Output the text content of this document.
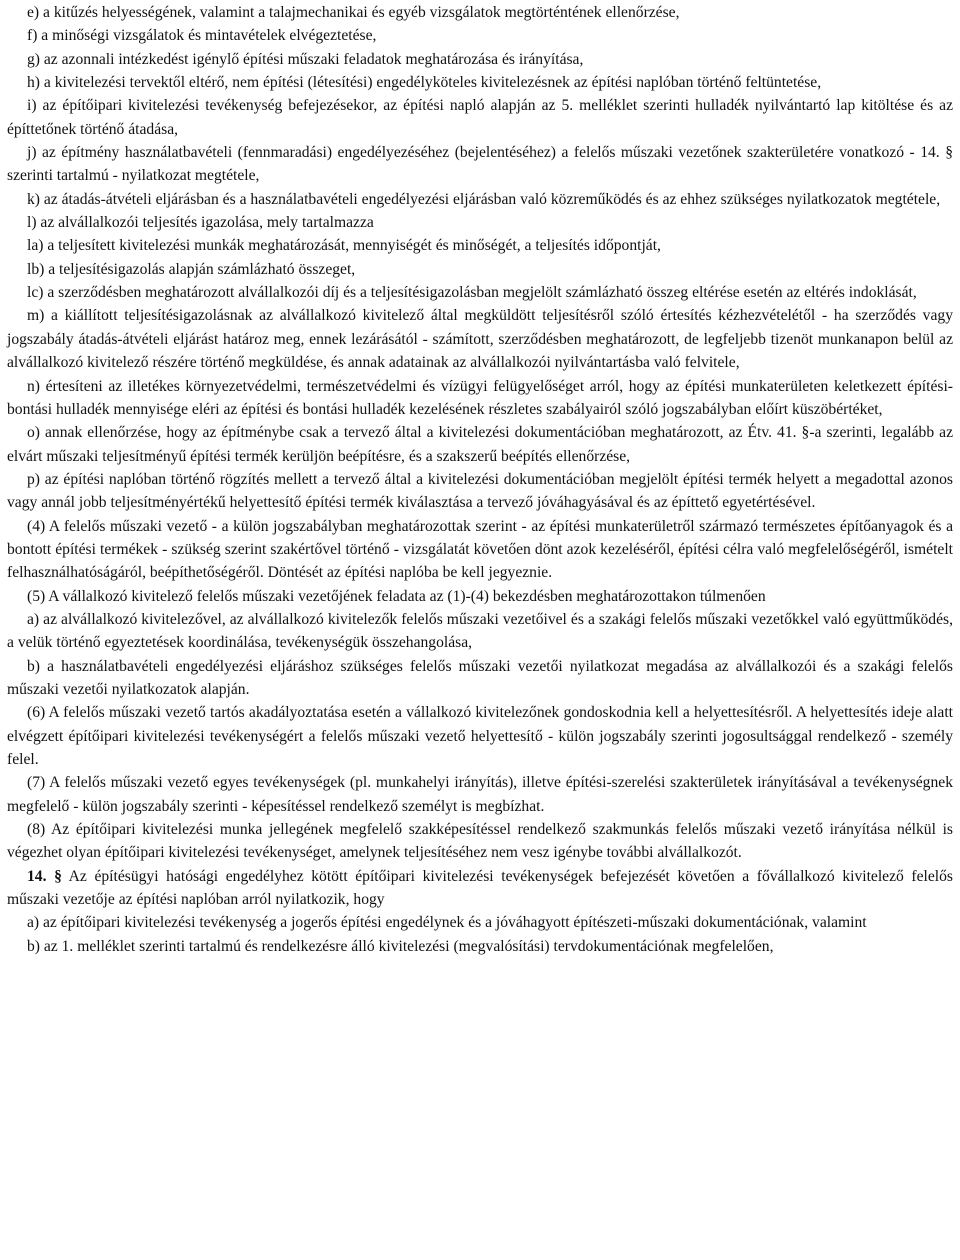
e) a kitűzés helyességének, valamint a talajmechanikai és egyéb vizsgálatok megtörténtének ellenőrzése,

f) a minőségi vizsgálatok és mintavételek elvégeztetése,

g) az azonnali intézkedést igénylő építési műszaki feladatok meghatározása és irányítása,

h) a kivitelezési tervektől eltérő, nem építési (létesítési) engedélyköteles kivitelezésnek az építési naplóban történő feltüntetése,

i) az építőipari kivitelezési tevékenység befejezésekor, az építési napló alapján az 5. melléklet szerinti hulladék nyilvántartó lap kitöltése és az építtetőnek történő átadása,

j) az építmény használatbavételi (fennmaradási) engedélyezéséhez (bejelentéséhez) a felelős műszaki vezetőnek szakterületére vonatkozó - 14. § szerinti tartalmú - nyilatkozat megtétele,

k) az átadás-átvételi eljárásban és a használatbavételi engedélyezési eljárásban való közreműködés és az ehhez szükséges nyilatkozatok megtétele,

l) az alvállalkozói teljesítés igazolása, mely tartalmazza

la) a teljesített kivitelezési munkák meghatározását, mennyiségét és minőségét, a teljesítés időpontját,

lb) a teljesítésigazolás alapján számlázható összeget,

lc) a szerződésben meghatározott alvállalkozói díj és a teljesítésigazolásban megjelölt számlázható összeg eltérése esetén az eltérés indoklását,

m) a kiállított teljesítésigazolásnak az alvállalkozó kivitelező által megküldött teljesítésről szóló értesítés kézhezvételétől - ha szerződés vagy jogszabály átadás-átvételi eljárást határoz meg, ennek lezárásától - számított, szerződésben meghatározott, de legfeljebb tizenöt munkanapon belül az alvállalkozó kivitelező részére történő megküldése, és annak adatainak az alvállalkozói nyilvántartásba való felvitele,

n) értesíteni az illetékes környezetvédelmi, természetvédelmi és vízügyi felügyelőséget arról, hogy az építési munkaterületen keletkezett építési-bontási hulladék mennyisége eléri az építési és bontási hulladék kezelésének részletes szabályairól szóló jogszabályban előírt küszöbértéket,

o) annak ellenőrzése, hogy az építménybe csak a tervező által a kivitelezési dokumentációban meghatározott, az Étv. 41. §-a szerinti, legalább az elvárt műszaki teljesítményű építési termék kerüljön beépítésre, és a szakszerű beépítés ellenőrzése,

p) az építési naplóban történő rögzítés mellett a tervező által a kivitelezési dokumentációban megjelölt építési termék helyett a megadottal azonos vagy annál jobb teljesítményértékű helyettesítő építési termék kiválasztása a tervező jóváhagyásával és az építtető egyetértésével.

(4) A felelős műszaki vezető - a külön jogszabályban meghatározottak szerint - az építési munkaterületről származó természetes építőanyagok és a bontott építési termékek - szükség szerint szakértővel történő - vizsgálatát követően dönt azok kezeléséről, építési célra való megfelelőségéről, ismételt felhasználhatóságáról, beépíthetőségéről. Döntését az építési naplóba be kell jegyeznie.

(5) A vállalkozó kivitelező felelős műszaki vezetőjének feladata az (1)-(4) bekezdésben meghatározottakon túlmenően

a) az alvállalkozó kivitelezővel, az alvállalkozó kivitelezők felelős műszaki vezetőivel és a szakági felelős műszaki vezetőkkel való együttműködés, a velük történő egyeztetések koordinálása, tevékenységük összehangolása,

b) a használatbavételi engedélyezési eljáráshoz szükséges felelős műszaki vezetői nyilatkozat megadása az alvállalkozói és a szakági felelős műszaki vezetői nyilatkozatok alapján.

(6) A felelős műszaki vezető tartós akadályoztatása esetén a vállalkozó kivitelezőnek gondoskodnia kell a helyettesítésről. A helyettesítés ideje alatt elvégzett építőipari kivitelezési tevékenységért a felelős műszaki vezető helyettesítő - külön jogszabály szerinti jogosultsággal rendelkező - személy felel.

(7) A felelős műszaki vezető egyes tevékenységek (pl. munkahelyi irányítás), illetve építési-szerelési szakterületek irányításával a tevékenységnek megfelelő - külön jogszabály szerinti - képesítéssel rendelkező személyt is megbízhat.

(8) Az építőipari kivitelezési munka jellegének megfelelő szakképesítéssel rendelkező szakmunkás felelős műszaki vezető irányítása nélkül is végezhet olyan építőipari kivitelezési tevékenységet, amelynek teljesítéséhez nem vesz igénybe további alvállalkozót.

14. § Az építésügyi hatósági engedélyhez kötött építőipari kivitelezési tevékenységek befejezését követően a fővállalkozó kivitelező felelős műszaki vezetője az építési naplóban arról nyilatkozik, hogy

a) az építőipari kivitelezési tevékenység a jogerős építési engedélynek és a jóváhagyott építészeti-műszaki dokumentációnak, valamint

b) az 1. melléklet szerinti tartalmú és rendelkezésre álló kivitelezési (megvalósítási) tervdokumentációnak megfelelően,
